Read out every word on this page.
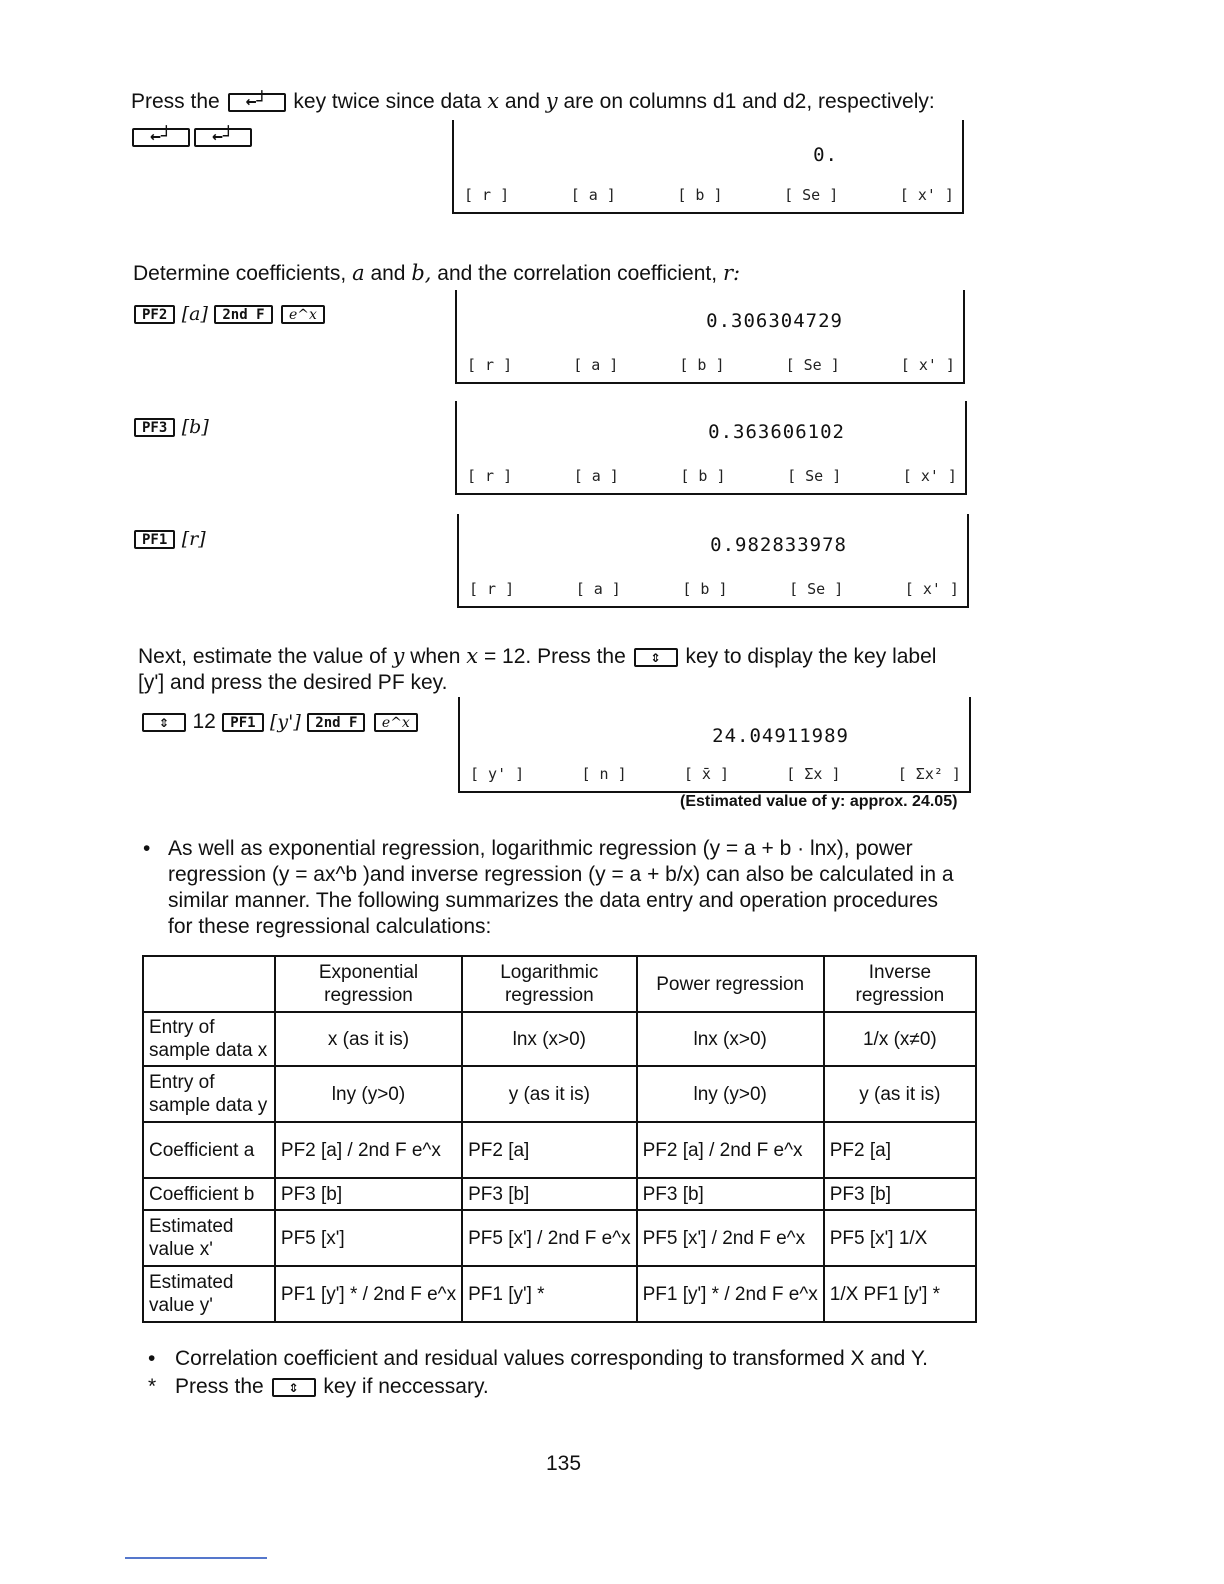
Press the ←┘ key twice since data x and y are on columns d1 and d2, respectively:
←┘ ←┘
0.
[ r ]	[ a ]	[ b ]	[ Se ]	[ x' ]
Determine coefficients, a and b, and the correlation coefficient, r:
PF2 [a] 2nd F e^x	0.306304729
[ r ]	[ a ]	[ b ]	[ Se ]	[ x' ]
PF3 [b]	0.363606102
[ r ]	[ a ]	[ b ]	[ Se ]	[ x' ]
PF1 [r]	0.982833978
[ r ]	[ a ]	[ b ]	[ Se ]	[ x' ]
Next, estimate the value of y when x = 12. Press the ⇕ key to display the key label
[y'] and press the desired PF key.
⇕ 12 PF1 [y'] 2nd F e^x
24.04911989
[ y' ]	[ n ]	[ x̄ ]	[ Σx ]	[ Σx² ]
(Estimated value of y: approx. 24.05)
• As well as exponential regression, logarithmic regression (y = a + b · lnx), power
regression (y = ax^b )and inverse regression (y = a + b/x) can also be calculated in a
similar manner. The following summarizes the data entry and operation procedures
for these regressional calculations:
	Exponential regression	Logarithmic regression	Power regression	Inverse regression
Entry of sample data x	x (as it is)	lnx (x>0)	lnx (x>0)	1/x (x≠0)
Entry of sample data y	lny (y>0)	y (as it is)	lny (y>0)	y (as it is)
Coefficient a	PF2 [a] / 2nd F e^x	PF2 [a]	PF2 [a] / 2nd F e^x	PF2 [a]
Coefficient b	PF3 [b]	PF3 [b]	PF3 [b]	PF3 [b]
Estimated value x'	PF5 [x']	PF5 [x'] / 2nd F e^x	PF5 [x'] / 2nd F e^x	PF5 [x'] 1/X
Estimated value y'	PF1 [y'] * / 2nd F e^x	PF1 [y'] *	PF1 [y'] * / 2nd F e^x	1/X PF1 [y'] *
• Correlation coefficient and residual values corresponding to transformed X and Y.
* Press the ⇕ key if neccessary.
135
